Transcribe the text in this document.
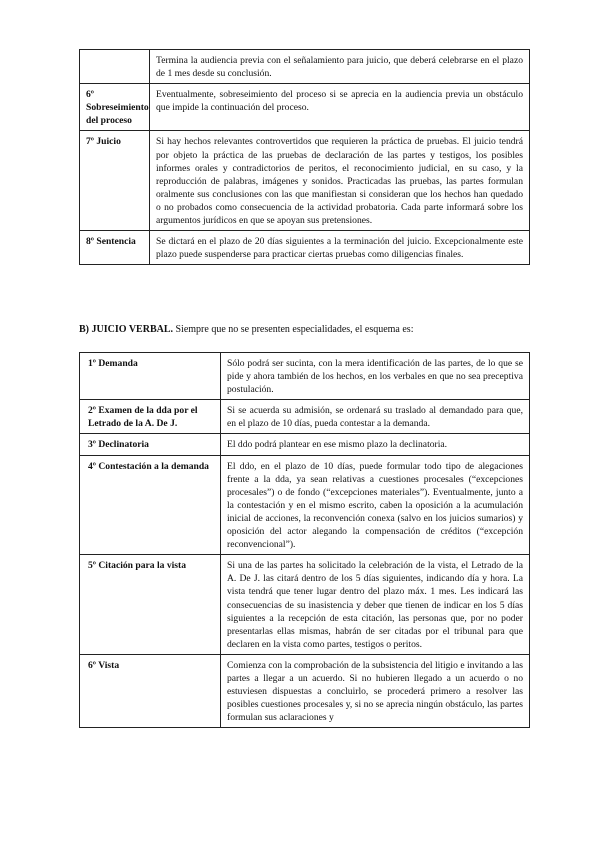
	Termina la audiencia previa con el señalamiento para juicio, que deberá celebrarse en el plazo de 1 mes desde su conclusión.
6º Sobreseimiento del proceso	Eventualmente, sobreseimiento del proceso si se aprecia en la audiencia previa un obstáculo que impide la continuación del proceso.
7º Juicio	Si hay hechos relevantes controvertidos que requieren la práctica de pruebas. El juicio tendrá por objeto la práctica de las pruebas de declaración de las partes y testigos, los posibles informes orales y contradictorios de peritos, el reconocimiento judicial, en su caso, y la reproducción de palabras, imágenes y sonidos. Practicadas las pruebas, las partes formulan oralmente sus conclusiones con las que manifiestan si consideran que los hechos han quedado o no probados como consecuencia de la actividad probatoria. Cada parte informará sobre los argumentos jurídicos en que se apoyan sus pretensiones.
8º Sentencia	Se dictará en el plazo de 20 días siguientes a la terminación del juicio. Excepcionalmente este plazo puede suspenderse para practicar ciertas pruebas como diligencias finales.
B) JUICIO VERBAL. Siempre que no se presenten especialidades, el esquema es:
1º Demanda	Sólo podrá ser sucinta, con la mera identificación de las partes, de lo que se pide y ahora también de los hechos, en los verbales en que no sea preceptiva postulación.
2º Examen de la dda por el Letrado de la A. De J.	Si se acuerda su admisión, se ordenará su traslado al demandado para que, en el plazo de 10 días, pueda contestar a la demanda.
3º Declinatoria	El ddo podrá plantear en ese mismo plazo la declinatoria.
4º Contestación a la demanda	El ddo, en el plazo de 10 días, puede formular todo tipo de alegaciones frente a la dda, ya sean relativas a cuestiones procesales (“excepciones procesales”) o de fondo (“excepciones materiales”). Eventualmente, junto a la contestación y en el mismo escrito, caben la oposición a la acumulación inicial de acciones, la reconvención conexa (salvo en los juicios sumarios) y oposición del actor alegando la compensación de créditos (“excepción reconvencional”).
5º Citación para la vista	Si una de las partes ha solicitado la celebración de la vista, el Letrado de la A. De J. las citará dentro de los 5 días siguientes, indicando día y hora. La vista tendrá que tener lugar dentro del plazo máx. 1 mes. Les indicará las consecuencias de su inasistencia y deber que tienen de indicar en los 5 días siguientes a la recepción de esta citación, las personas que, por no poder presentarlas ellas mismas, habrán de ser citadas por el tribunal para que declaren en la vista como partes, testigos o peritos.
6º Vista	Comienza con la comprobación de la subsistencia del litigio e invitando a las partes a llegar a un acuerdo. Si no hubieren llegado a un acuerdo o no estuviesen dispuestas a concluirlo, se procederá primero a resolver las posibles cuestiones procesales y, si no se aprecia ningún obstáculo, las partes formulan sus aclaraciones y
